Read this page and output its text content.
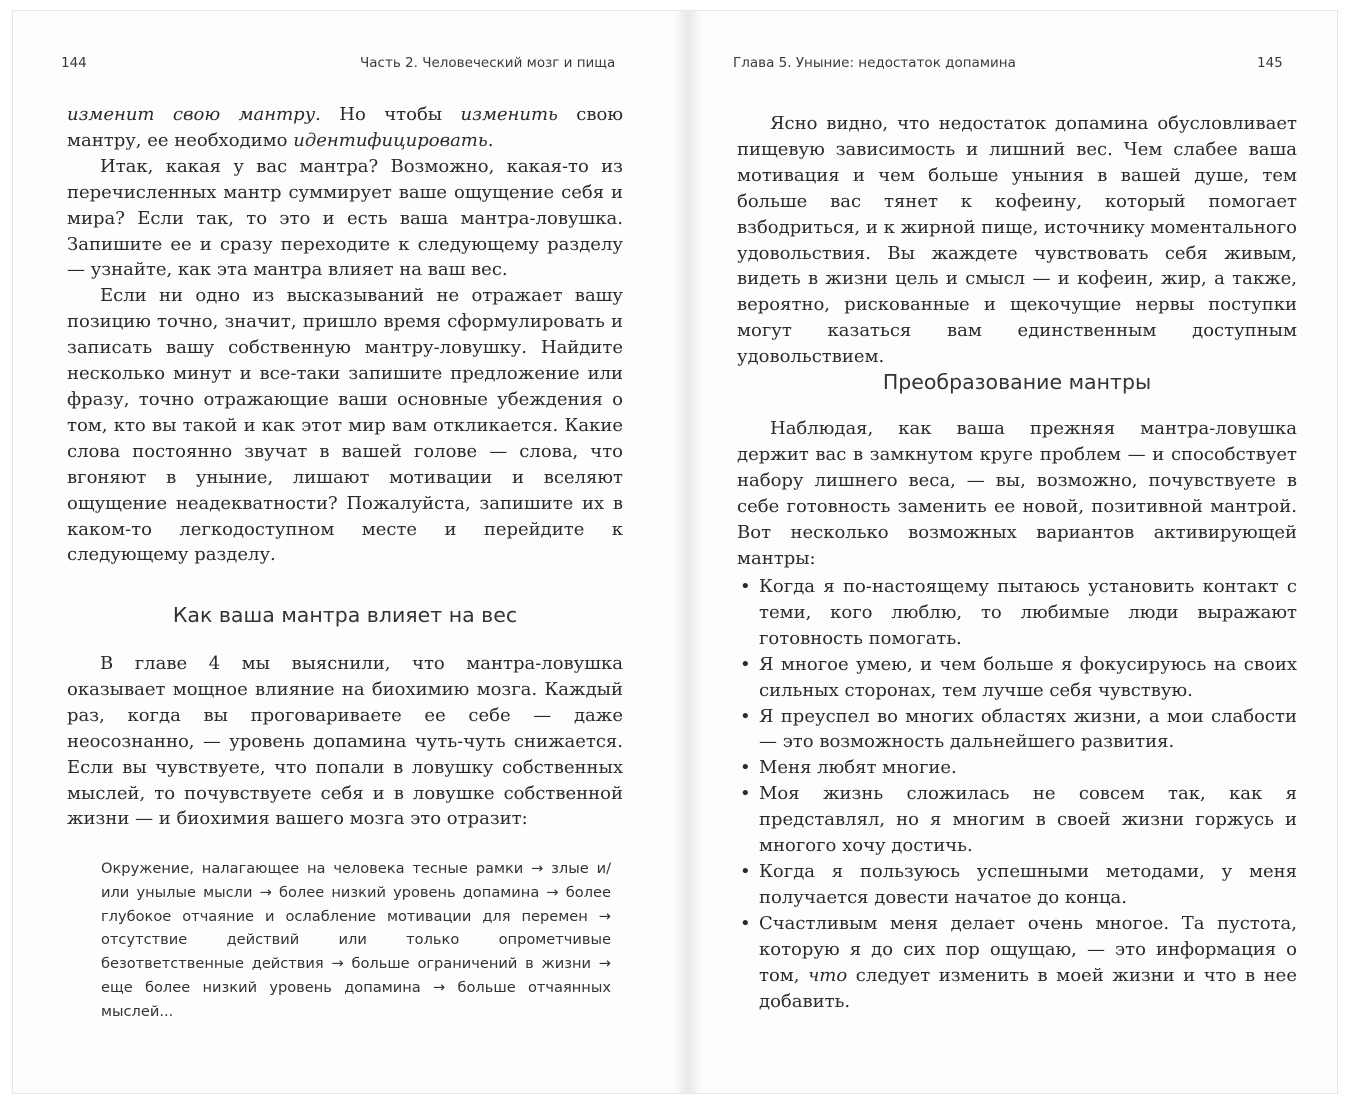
144	Часть 2. Человеческий мозг и пища

изменит свою мантру. Но чтобы изменить свою мантру, ее необходимо идентифицировать.

Итак, какая у вас мантра? Возможно, какая-то из перечисленных мантр суммирует ваше ощущение себя и мира? Если так, то это и есть ваша мантра-ловушка. Запишите ее и сразу переходите к следующему разделу — узнайте, как эта мантра влияет на ваш вес.

Если ни одно из высказываний не отражает вашу позицию точно, значит, пришло время сформулировать и записать вашу собственную мантру-ловушку. Найдите несколько минут и все-таки запишите предложение или фразу, точно отражающие ваши основные убеждения о том, кто вы такой и как этот мир вам откликается. Какие слова постоянно звучат в вашей голове — слова, что вгоняют в уныние, лишают мотивации и вселяют ощущение неадекватности? Пожалуйста, запишите их в каком-то легкодоступном месте и перейдите к следующему разделу.

Как ваша мантра влияет на вес

В главе 4 мы выяснили, что мантра-ловушка оказывает мощное влияние на биохимию мозга. Каждый раз, когда вы проговариваете ее себе — даже неосознанно, — уровень допамина чуть-чуть снижается. Если вы чувствуете, что попали в ловушку собственных мыслей, то почувствуете себя и в ловушке собственной жизни — и биохимия вашего мозга это отразит:

Окружение, налагающее на человека тесные рамки → злые и/или унылые мысли → более низкий уровень допамина → более глубокое отчаяние и ослабление мотивации для перемен → отсутствие действий или только опрометчивые безответственные действия → больше ограничений в жизни → еще более низкий уровень допамина → больше отчаянных мыслей...

Глава 5. Уныние: недостаток допамина	145

Ясно видно, что недостаток допамина обусловливает пищевую зависимость и лишний вес. Чем слабее ваша мотивация и чем больше уныния в вашей душе, тем больше вас тянет к кофеину, который помогает взбодриться, и к жирной пище, источнику моментального удовольствия. Вы жаждете чувствовать себя живым, видеть в жизни цель и смысл — и кофеин, жир, а также, вероятно, рискованные и щекочущие нервы поступки могут казаться вам единственным доступным удовольствием.

Преобразование мантры

Наблюдая, как ваша прежняя мантра-ловушка держит вас в замкнутом круге проблем — и способствует набору лишнего веса, — вы, возможно, почувствуете в себе готовность заменить ее новой, позитивной мантрой. Вот несколько возможных вариантов активирующей мантры:

• Когда я по-настоящему пытаюсь установить контакт с теми, кого люблю, то любимые люди выражают готовность помогать.
• Я многое умею, и чем больше я фокусируюсь на своих сильных сторонах, тем лучше себя чувствую.
• Я преуспел во многих областях жизни, а мои слабости — это возможность дальнейшего развития.
• Меня любят многие.
• Моя жизнь сложилась не совсем так, как я представлял, но я многим в своей жизни горжусь и многого хочу достичь.
• Когда я пользуюсь успешными методами, у меня получается довести начатое до конца.
• Счастливым меня делает очень многое. Та пустота, которую я до сих пор ощущаю, — это информация о том, что следует изменить в моей жизни и что в нее добавить.
